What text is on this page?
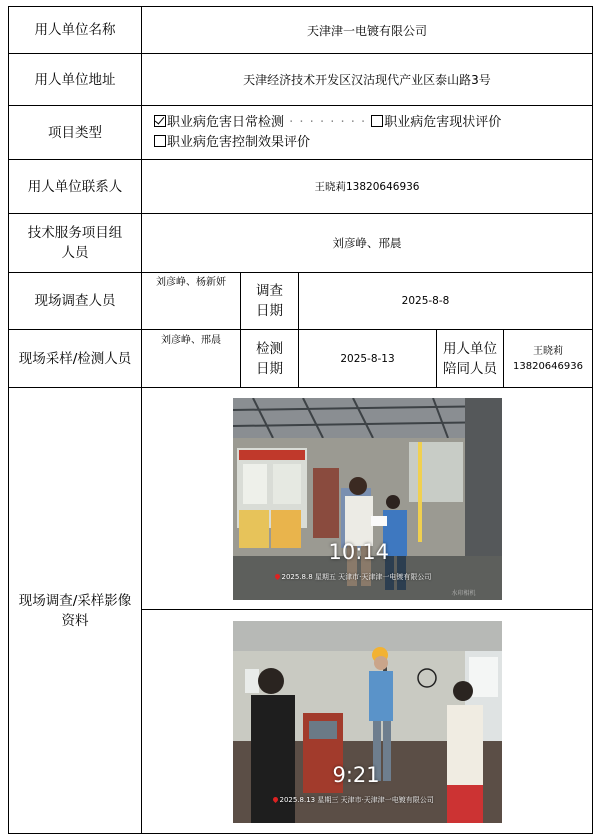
用人单位名称	天津津一电镀有限公司				
用人单位地址	天津经济技术开发区汉沽现代产业区泰山路3号				
项目类型	职业病危害日常检测 · · · · · · · · 职业病危害现状评价
职业病危害控制效果评价				

用人单位联系人	王晓莉13820646936				
技术服务项目组人员	刘彦峥、邢晨				
现场调查人员	刘彦峥、杨新妍	调查日期	2025-8-8		
现场采样/检测人员	刘彦峥、邢晨	检测日期	2025-8-13	用人单位陪同人员	王晓莉
13820646936

现场调查/采样影像资料	10:14
2025.8.8 星期五 天津市·天津津一电镀有限公司
水印相机				

	9:21
2025.8.13 星期三 天津市·天津津一电镀有限公司				
